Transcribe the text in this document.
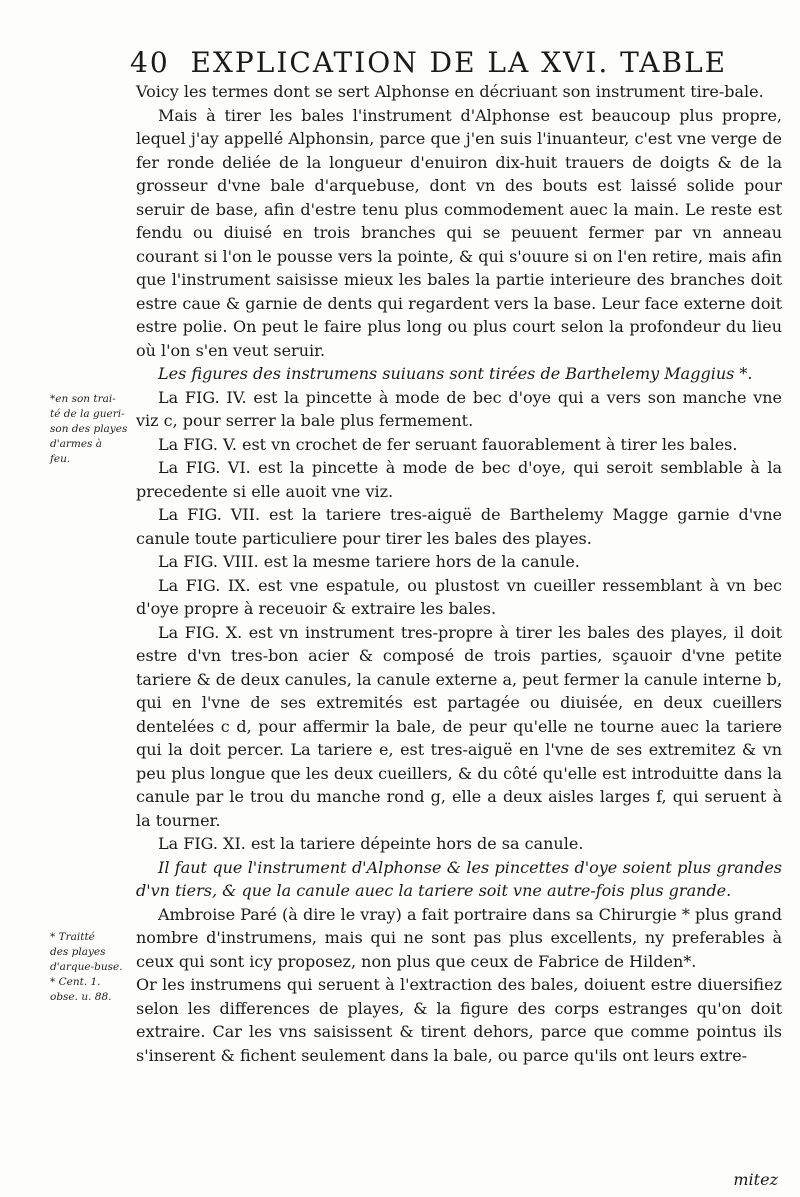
40 EXPLICATION DE LA XVI. TABLE
*en son trai-
té de la gueri-
son des playes
d'armes à
feu.
* Traitté
des playes
d'arque-buse.
* Cent. 1.
obse. u. 88.

Voicy les termes dont se sert Alphonse en décriuant son instrument tire-bale.

Mais à tirer les bales l'instrument d'Alphonse est beaucoup plus propre, lequel j'ay appellé Alphonsin, parce que j'en suis l'inuanteur, c'est vne verge de fer ronde deliée de la longueur d'enuiron dix-huit trauers de doigts & de la grosseur d'vne bale d'arquebuse, dont vn des bouts est laissé solide pour seruir de base, afin d'estre tenu plus commodement auec la main. Le reste est fendu ou diuisé en trois branches qui se peuuent fermer par vn anneau courant si l'on le pousse vers la pointe, & qui s'ouure si on l'en retire, mais afin que l'instrument saisisse mieux les bales la partie interieure des branches doit estre caue & garnie de dents qui regardent vers la base. Leur face externe doit estre polie. On peut le faire plus long ou plus court selon la profondeur du lieu où l'on s'en veut seruir.

Les figures des instrumens suiuans sont tirées de Barthelemy Maggius *.

La FIG. IV. est la pincette à mode de bec d'oye qui a vers son manche vne viz c, pour serrer la bale plus fermement.

La FIG. V. est vn crochet de fer seruant fauorablement à tirer les bales.

La FIG. VI. est la pincette à mode de bec d'oye, qui seroit semblable à la precedente si elle auoit vne viz.

La FIG. VII. est la tariere tres-aiguë de Barthelemy Magge garnie d'vne canule toute particuliere pour tirer les bales des playes.

La FIG. VIII. est la mesme tariere hors de la canule.

La FIG. IX. est vne espatule, ou plustost vn cueiller ressemblant à vn bec d'oye propre à receuoir & extraire les bales.

La FIG. X. est vn instrument tres-propre à tirer les bales des playes, il doit estre d'vn tres-bon acier & composé de trois parties, sçauoir d'vne petite tariere & de deux canules, la canule externe a, peut fermer la canule interne b, qui en l'vne de ses extremités est partagée ou diuisée, en deux cueillers dentelées c d, pour affermir la bale, de peur qu'elle ne tourne auec la tariere qui la doit percer. La tariere e, est tres-aiguë en l'vne de ses extremitez & vn peu plus longue que les deux cueillers, & du côté qu'elle est introduitte dans la canule par le trou du manche rond g, elle a deux aisles larges f, qui seruent à la tourner.

La FIG. XI. est la tariere dépeinte hors de sa canule.

Il faut que l'instrument d'Alphonse & les pincettes d'oye soient plus grandes d'vn tiers, & que la canule auec la tariere soit vne autre-fois plus grande.

Ambroise Paré (à dire le vray) a fait portraire dans sa Chirurgie * plus grand nombre d'instrumens, mais qui ne sont pas plus excellents, ny preferables à ceux qui sont icy proposez, non plus que ceux de Fabrice de Hilden*.

Or les instrumens qui seruent à l'extraction des bales, doiuent estre diuersifiez selon les differences de playes, & la figure des corps estranges qu'on doit extraire. Car les vns saisissent & tirent dehors, parce que comme pointus ils s'inserent & fichent seulement dans la bale, ou parce qu'ils ont leurs extre-

mitez
